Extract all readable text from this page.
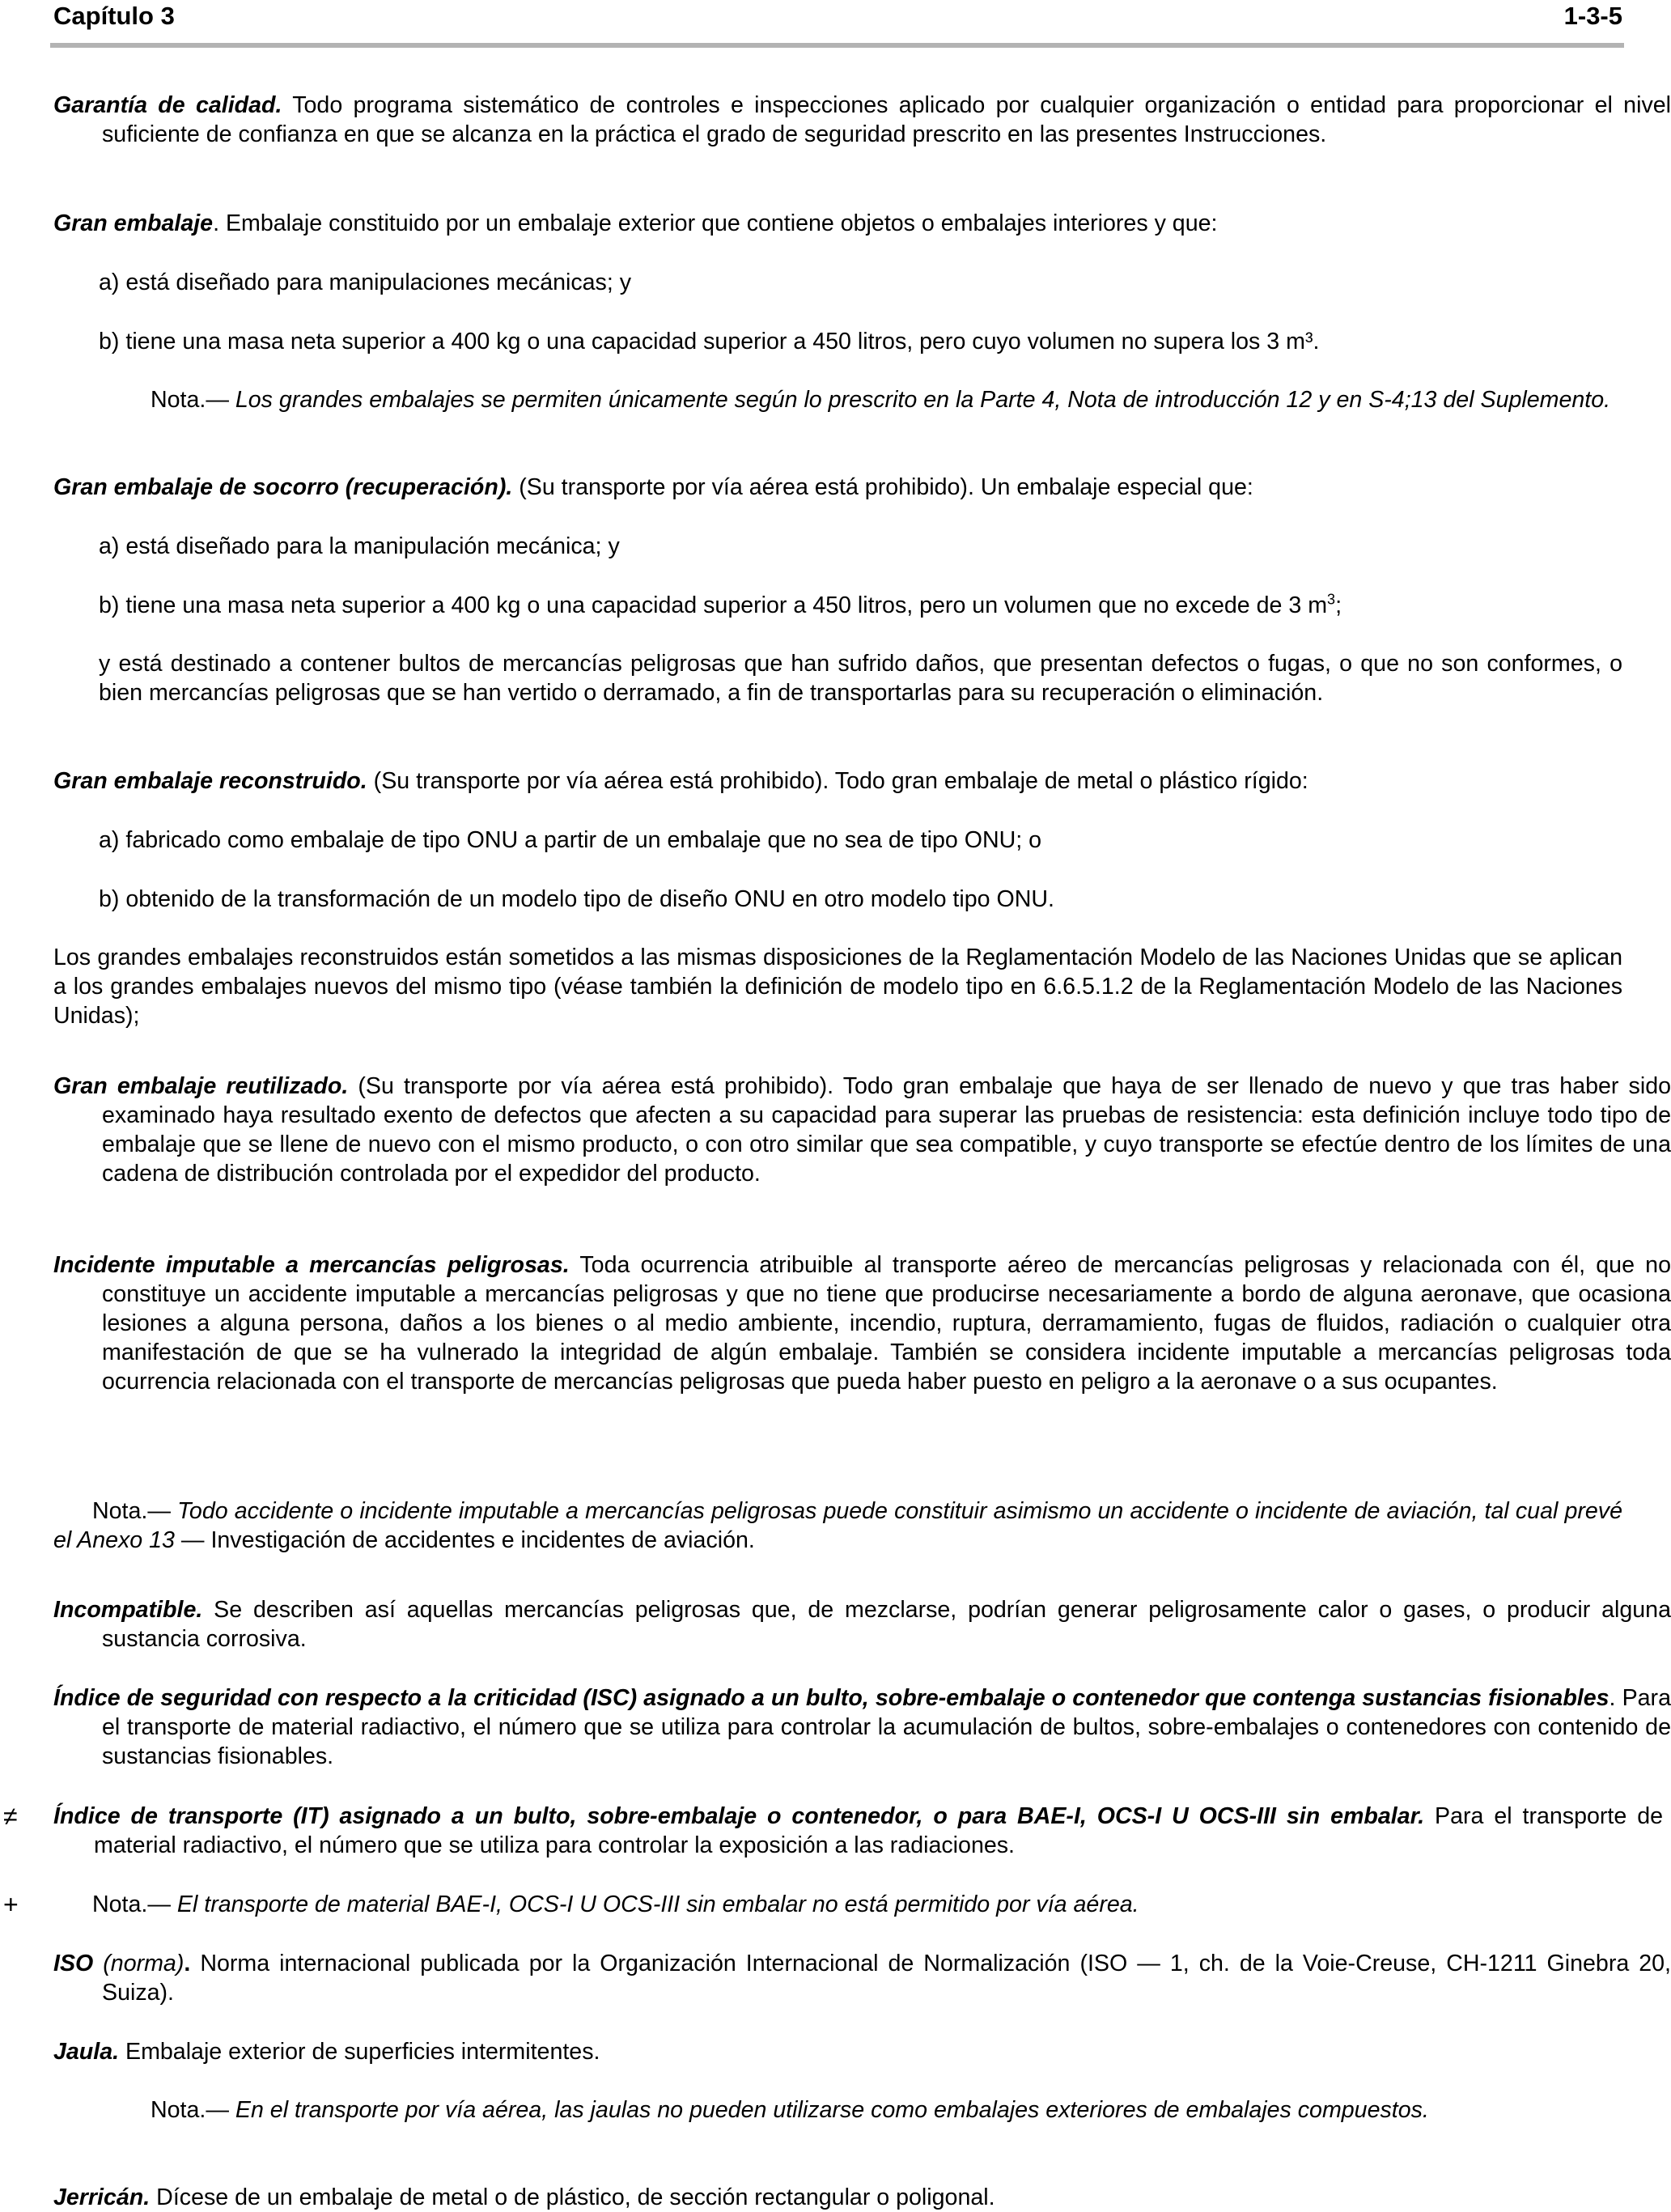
Capítulo 3	1-3-5

Garantía de calidad. Todo programa sistemático de controles e inspecciones aplicado por cualquier organización o entidad para proporcionar el nivel suficiente de confianza en que se alcanza en la práctica el grado de seguridad prescrito en las presentes Instrucciones.

Gran embalaje. Embalaje constituido por un embalaje exterior que contiene objetos o embalajes interiores y que:

a) está diseñado para manipulaciones mecánicas; y

b) tiene una masa neta superior a 400 kg o una capacidad superior a 450 litros, pero cuyo volumen no supera los 3 m³.

Nota.— Los grandes embalajes se permiten únicamente según lo prescrito en la Parte 4, Nota de introducción 12 y en S-4;13 del Suplemento.

Gran embalaje de socorro (recuperación). (Su transporte por vía aérea está prohibido). Un embalaje especial que:

a) está diseñado para la manipulación mecánica; y

b) tiene una masa neta superior a 400 kg o una capacidad superior a 450 litros, pero un volumen que no excede de 3 $m^3$;

y está destinado a contener bultos de mercancías peligrosas que han sufrido daños, que presentan defectos o fugas, o que no son conformes, o bien mercancías peligrosas que se han vertido o derramado, a fin de transportarlas para su recuperación o eliminación.

Gran embalaje reconstruido. (Su transporte por vía aérea está prohibido). Todo gran embalaje de metal o plástico rígido:

a) fabricado como embalaje de tipo ONU a partir de un embalaje que no sea de tipo ONU; o

b) obtenido de la transformación de un modelo tipo de diseño ONU en otro modelo tipo ONU.

Los grandes embalajes reconstruidos están sometidos a las mismas disposiciones de la Reglamentación Modelo de las Naciones Unidas que se aplican a los grandes embalajes nuevos del mismo tipo (véase también la definición de modelo tipo en 6.6.5.1.2 de la Reglamentación Modelo de las Naciones Unidas);

Gran embalaje reutilizado. (Su transporte por vía aérea está prohibido). Todo gran embalaje que haya de ser llenado de nuevo y que tras haber sido examinado haya resultado exento de defectos que afecten a su capacidad para superar las pruebas de resistencia: esta definición incluye todo tipo de embalaje que se llene de nuevo con el mismo producto, o con otro similar que sea compatible, y cuyo transporte se efectúe dentro de los límites de una cadena de distribución controlada por el expedidor del producto.

Incidente imputable a mercancías peligrosas. Toda ocurrencia atribuible al transporte aéreo de mercancías peligrosas y relacionada con él, que no constituye un accidente imputable a mercancías peligrosas y que no tiene que producirse necesariamente a bordo de alguna aeronave, que ocasiona lesiones a alguna persona, daños a los bienes o al medio ambiente, incendio, ruptura, derramamiento, fugas de fluidos, radiación o cualquier otra manifestación de que se ha vulnerado la integridad de algún embalaje. También se considera incidente imputable a mercancías peligrosas toda ocurrencia relacionada con el transporte de mercancías peligrosas que pueda haber puesto en peligro a la aeronave o a sus ocupantes.

Nota.— Todo accidente o incidente imputable a mercancías peligrosas puede constituir asimismo un accidente o incidente de aviación, tal cual prevé el Anexo 13 — Investigación de accidentes e incidentes de aviación.

Incompatible. Se describen así aquellas mercancías peligrosas que, de mezclarse, podrían generar peligrosamente calor o gases, o producir alguna sustancia corrosiva.

Índice de seguridad con respecto a la criticidad (ISC) asignado a un bulto, sobre-embalaje o contenedor que contenga sustancias fisionables. Para el transporte de material radiactivo, el número que se utiliza para controlar la acumulación de bultos, sobre-embalajes o contenedores con contenido de sustancias fisionables.

≠ Índice de transporte (IT) asignado a un bulto, sobre-embalaje o contenedor, o para BAE-I, OCS-I U OCS-III sin embalar. Para el transporte de material radiactivo, el número que se utiliza para controlar la exposición a las radiaciones.

+	Nota.— El transporte de material BAE-I, OCS-I U OCS-III sin embalar no está permitido por vía aérea.

ISO (norma). Norma internacional publicada por la Organización Internacional de Normalización (ISO — 1, ch. de la Voie-Creuse, CH-1211 Ginebra 20, Suiza).

Jaula. Embalaje exterior de superficies intermitentes.

Nota.— En el transporte por vía aérea, las jaulas no pueden utilizarse como embalajes exteriores de embalajes compuestos.

Jerricán. Dícese de un embalaje de metal o de plástico, de sección rectangular o poligonal.
